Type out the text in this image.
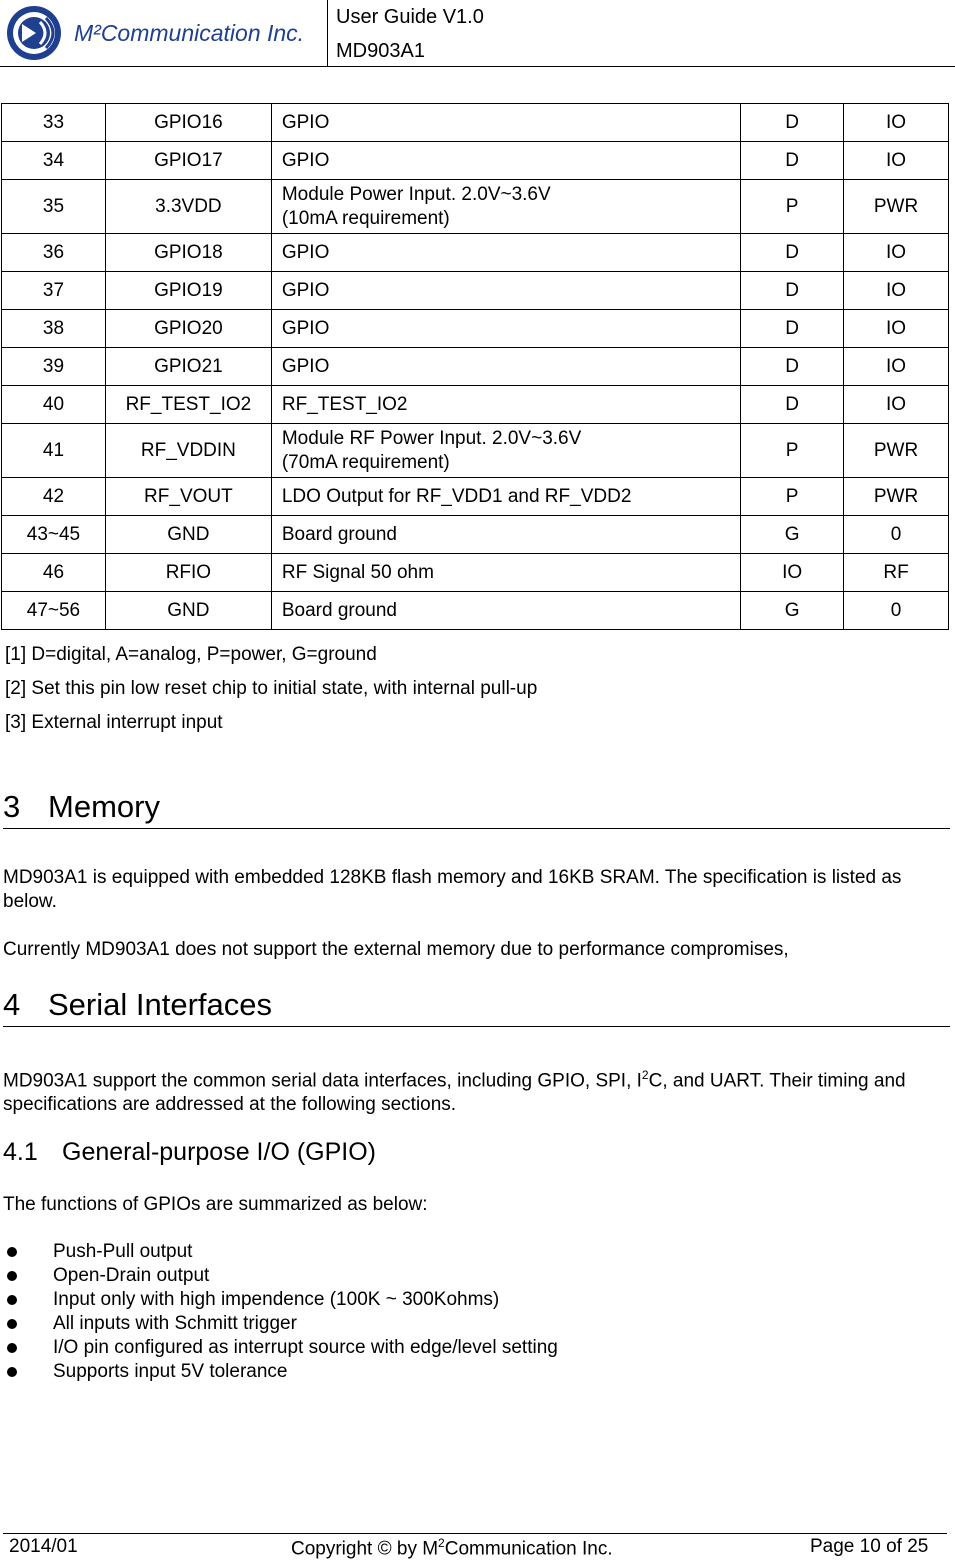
M²Communication Inc.
User Guide V1.0
MD903A1
33	GPIO16	GPIO	D	IO
34	GPIO17	GPIO	D	IO
35	3.3VDD	Module Power Input. 2.0V~3.6V
(10mA requirement)	P	PWR
36	GPIO18	GPIO	D	IO
37	GPIO19	GPIO	D	IO
38	GPIO20	GPIO	D	IO
39	GPIO21	GPIO	D	IO
40	RF_TEST_IO2	RF_TEST_IO2	D	IO
41	RF_VDDIN	Module RF Power Input. 2.0V~3.6V
(70mA requirement)	P	PWR
42	RF_VOUT	LDO Output for RF_VDD1 and RF_VDD2	P	PWR
43~45	GND	Board ground	G	0
46	RFIO	RF Signal 50 ohm	IO	RF
47~56	GND	Board ground	G	0
[1] D=digital, A=analog, P=power, G=ground
[2] Set this pin low reset chip to initial state, with internal pull-up
[3] External interrupt input
3 Memory

MD903A1 is equipped with embedded 128KB flash memory and 16KB SRAM. The specification is listed as below.

Currently MD903A1 does not support the external memory due to performance compromises,

4 Serial Interfaces

MD903A1 support the common serial data interfaces, including GPIO, SPI, $I^2C$, and UART. Their timing and specifications are addressed at the following sections.

4.1 General-purpose I/O (GPIO)

The functions of GPIOs are summarized as below:

Push-Pull output
Open-Drain output
Input only with high impendence (100K ~ 300Kohms)
All inputs with Schmitt trigger
I/O pin configured as interrupt source with edge/level setting
Supports input 5V tolerance
2014/01	Copyright © by $M^2Communication$ Inc.	Page 10 of 25
